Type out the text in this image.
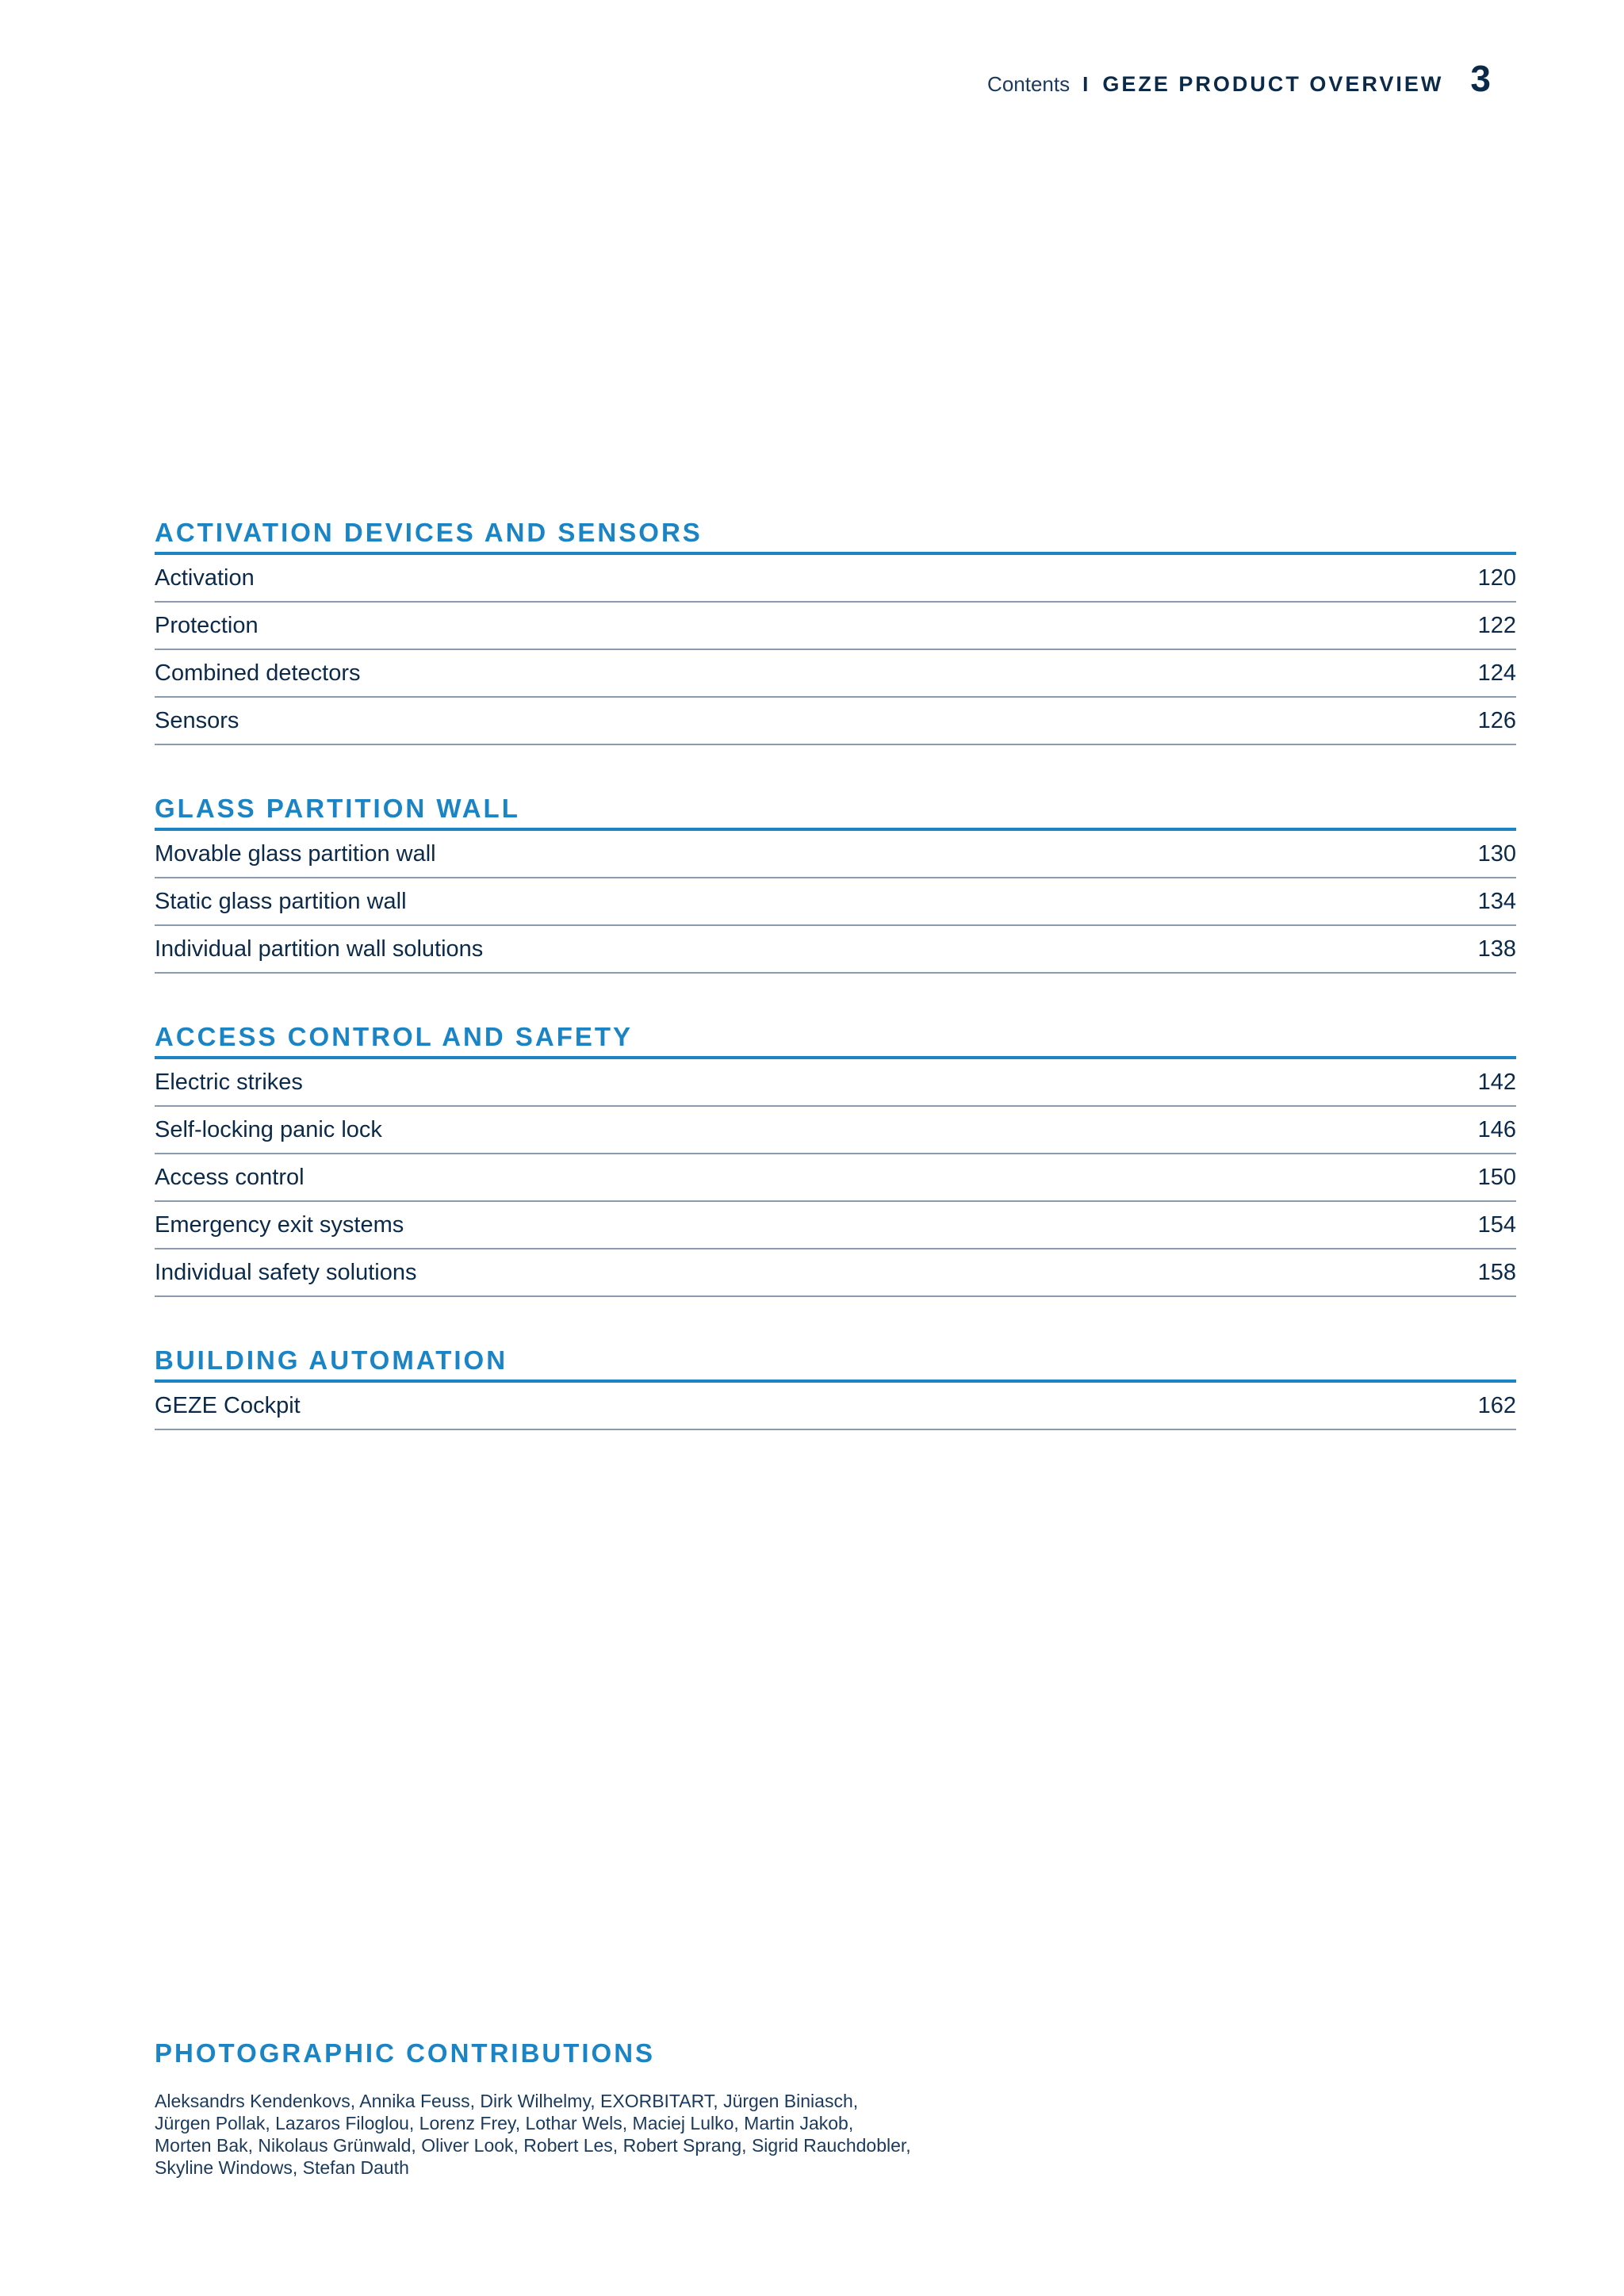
Contents I GEZE PRODUCT OVERVIEW 3
ACTIVATION DEVICES AND SENSORS
Activation	120
Protection	122
Combined detectors	124
Sensors	126
GLASS PARTITION WALL
Movable glass partition wall	130
Static glass partition wall	134
Individual partition wall solutions	138
ACCESS CONTROL AND SAFETY
Electric strikes	142
Self-locking panic lock	146
Access control	150
Emergency exit systems	154
Individual safety solutions	158
BUILDING AUTOMATION
GEZE Cockpit	162
PHOTOGRAPHIC CONTRIBUTIONS
Aleksandrs Kendenkovs, Annika Feuss, Dirk Wilhelmy, EXORBITART, Jürgen Biniasch,
Jürgen Pollak, Lazaros Filoglou, Lorenz Frey, Lothar Wels, Maciej Lulko, Martin Jakob,
Morten Bak, Nikolaus Grünwald, Oliver Look, Robert Les, Robert Sprang, Sigrid Rauchdobler,
Skyline Windows, Stefan Dauth
